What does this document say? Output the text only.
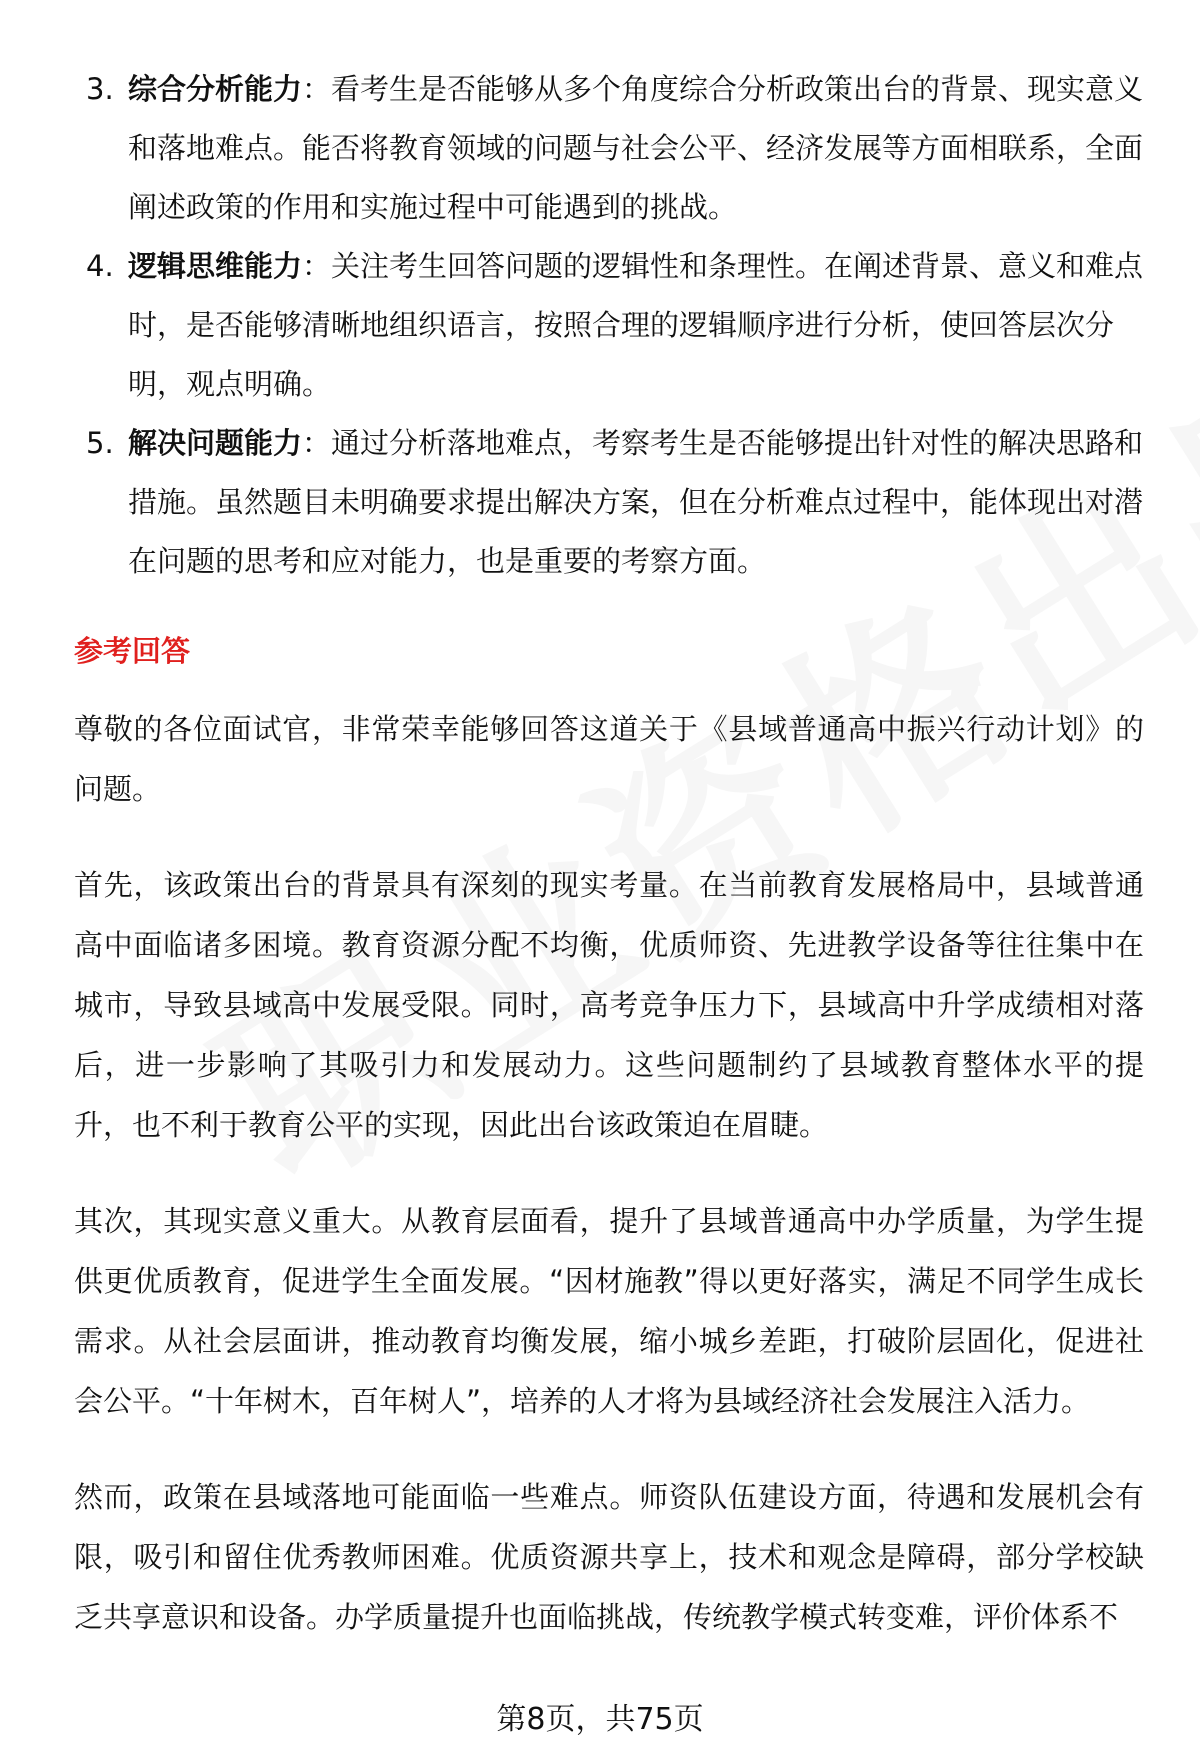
3. 综合分析能力：看考生是否能够从多个角度综合分析政策出台的背景、现实意义和落地难点。能否将教育领域的问题与社会公平、经济发展等方面相联系，全面阐述政策的作用和实施过程中可能遇到的挑战。
4. 逻辑思维能力：关注考生回答问题的逻辑性和条理性。在阐述背景、意义和难点时，是否能够清晰地组织语言，按照合理的逻辑顺序进行分析，使回答层次分明，观点明确。
5. 解决问题能力：通过分析落地难点，考察考生是否能够提出针对性的解决思路和措施。虽然题目未明确要求提出解决方案，但在分析难点过程中，能体现出对潜在问题的思考和应对能力，也是重要的考察方面。
参考回答

尊敬的各位面试官，非常荣幸能够回答这道关于《县域普通高中振兴行动计划》的问题。

首先，该政策出台的背景具有深刻的现实考量。在当前教育发展格局中，县域普通高中面临诸多困境。教育资源分配不均衡，优质师资、先进教学设备等往往集中在城市，导致县域高中发展受限。同时，高考竞争压力下，县域高中升学成绩相对落后，进一步影响了其吸引力和发展动力。这些问题制约了县域教育整体水平的提升，也不利于教育公平的实现，因此出台该政策迫在眉睫。

其次，其现实意义重大。从教育层面看，提升了县域普通高中办学质量，为学生提供更优质教育，促进学生全面发展。“因材施教”得以更好落实，满足不同学生成长需求。从社会层面讲，推动教育均衡发展，缩小城乡差距，打破阶层固化，促进社会公平。“十年树木，百年树人”，培养的人才将为县域经济社会发展注入活力。

然而，政策在县域落地可能面临一些难点。师资队伍建设方面，待遇和发展机会有限，吸引和留住优秀教师困难。优质资源共享上，技术和观念是障碍，部分学校缺乏共享意识和设备。办学质量提升也面临挑战，传统教学模式转变难，评价体系不

第8页，共75页
